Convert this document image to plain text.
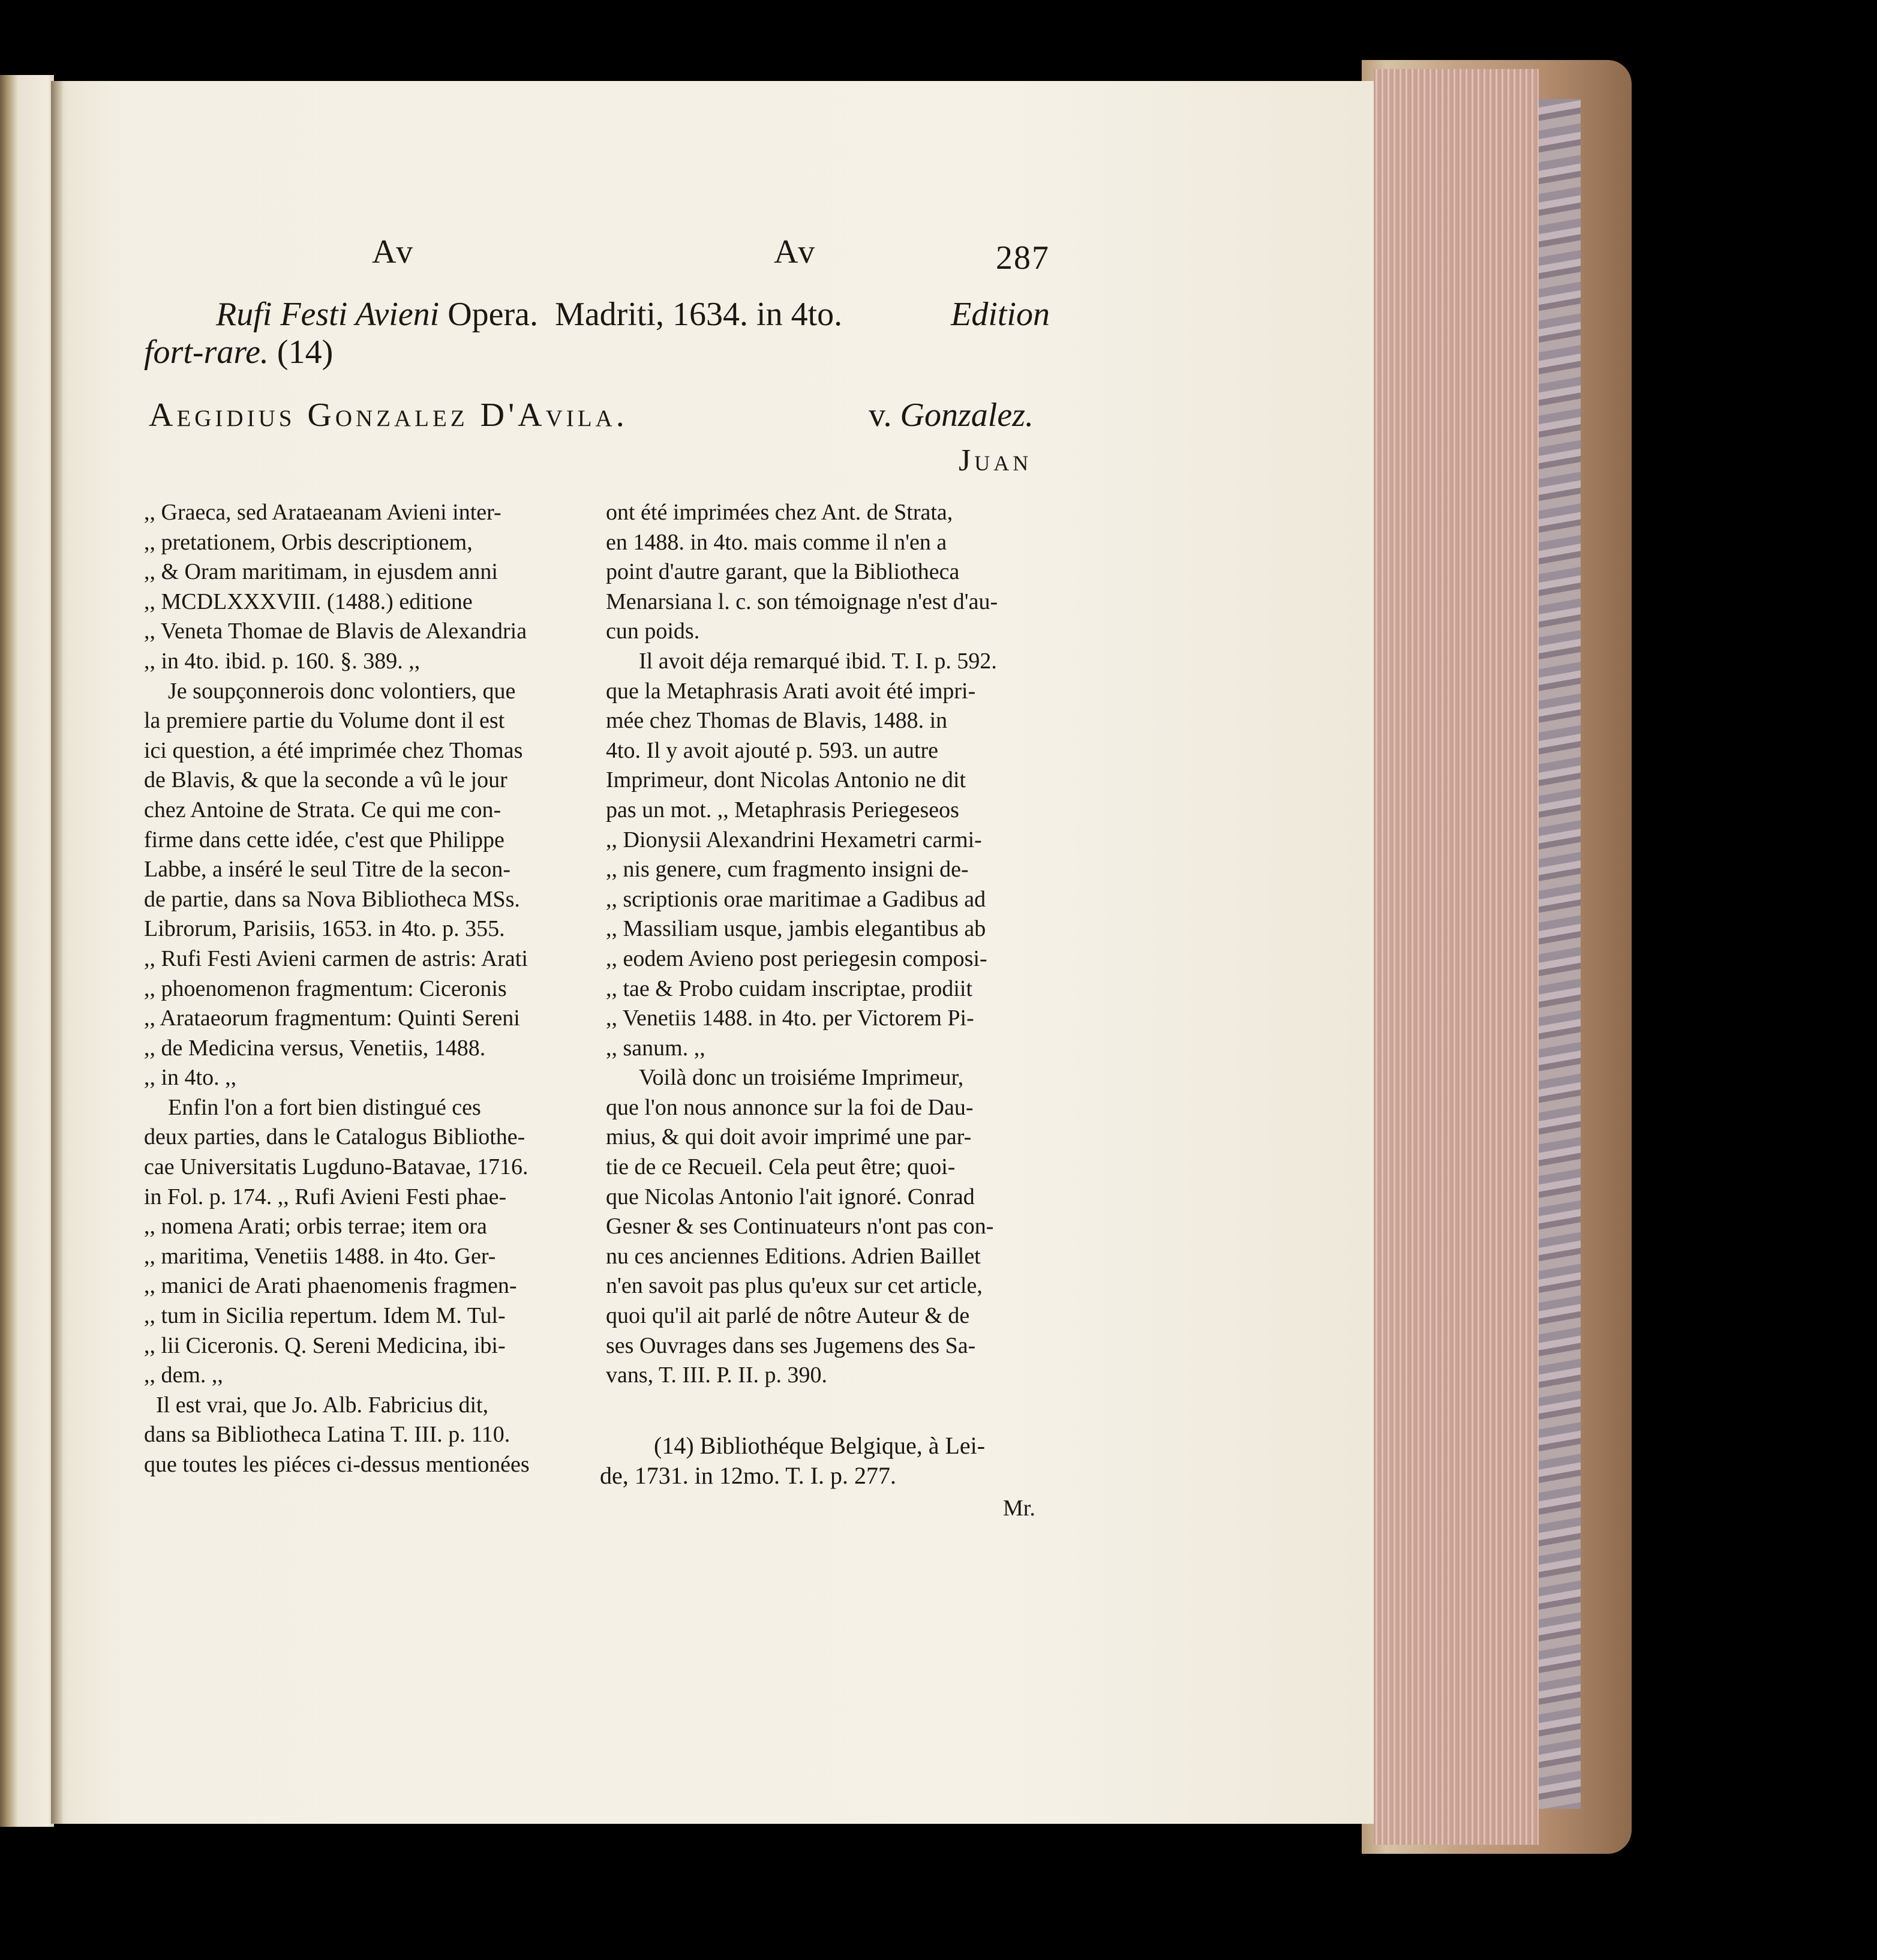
Av	Av	287
Rufi Festi Avieni Opera.  Madriti, 1634. in 4to.	Edition
fort-rare. (14)
Aegidius Gonzalez D'Avila.	v. Gonzalez.
Juan
,, Graeca, sed Arataeanam Avieni inter-
,, pretationem, Orbis descriptionem,
,, & Oram maritimam, in ejusdem anni
,, MCDLXXXVIII. (1488.) editione
,, Veneta Thomae de Blavis de Alexandria
,, in 4to. ibid. p. 160. §. 389. ,,
Je soupçonnerois donc volontiers, que
la premiere partie du Volume dont il est
ici question, a été imprimée chez Thomas
de Blavis, & que la seconde a vû le jour
chez Antoine de Strata. Ce qui me con-
firme dans cette idée, c'est que Philippe
Labbe, a inséré le seul Titre de la secon-
de partie, dans sa Nova Bibliotheca MSs.
Librorum, Parisiis, 1653. in 4to. p. 355.
,, Rufi Festi Avieni carmen de astris: Arati
,, phoenomenon fragmentum: Ciceronis
,, Arataeorum fragmentum: Quinti Sereni
,, de Medicina versus, Venetiis, 1488.
,, in 4to. ,,
Enfin l'on a fort bien distingué ces
deux parties, dans le Catalogus Bibliothe-
cae Universitatis Lugduno-Batavae, 1716.
in Fol. p. 174. ,, Rufi Avieni Festi phae-
,, nomena Arati; orbis terrae; item ora
,, maritima, Venetiis 1488. in 4to. Ger-
,, manici de Arati phaenomenis fragmen-
,, tum in Sicilia repertum. Idem M. Tul-
,, lii Ciceronis. Q. Sereni Medicina, ibi-
,, dem. ,,
Il est vrai, que Jo. Alb. Fabricius dit,
dans sa Bibliotheca Latina T. III. p. 110.
que toutes les piéces ci-dessus mentionées
ont été imprimées chez Ant. de Strata,
en 1488. in 4to. mais comme il n'en a
point d'autre garant, que la Bibliotheca
Menarsiana l. c. son témoignage n'est d'au-
cun poids.
Il avoit déja remarqué ibid. T. I. p. 592.
que la Metaphrasis Arati avoit été impri-
mée chez Thomas de Blavis, 1488. in
4to. Il y avoit ajouté p. 593. un autre
Imprimeur, dont Nicolas Antonio ne dit
pas un mot. ,, Metaphrasis Periegeseos
,, Dionysii Alexandrini Hexametri carmi-
,, nis genere, cum fragmento insigni de-
,, scriptionis orae maritimae a Gadibus ad
,, Massiliam usque, jambis elegantibus ab
,, eodem Avieno post periegesin composi-
,, tae & Probo cuidam inscriptae, prodiit
,, Venetiis 1488. in 4to. per Victorem Pi-
,, sanum. ,,
Voilà donc un troisiéme Imprimeur,
que l'on nous annonce sur la foi de Dau-
mius, & qui doit avoir imprimé une par-
tie de ce Recueil. Cela peut être; quoi-
que Nicolas Antonio l'ait ignoré. Conrad
Gesner & ses Continuateurs n'ont pas con-
nu ces anciennes Editions. Adrien Baillet
n'en savoit pas plus qu'eux sur cet article,
quoi qu'il ait parlé de nôtre Auteur & de
ses Ouvrages dans ses Jugemens des Sa-
vans, T. III. P. II. p. 390.
(14) Bibliothéque Belgique, à Lei-
de, 1731. in 12mo. T. I. p. 277.
Mr.
